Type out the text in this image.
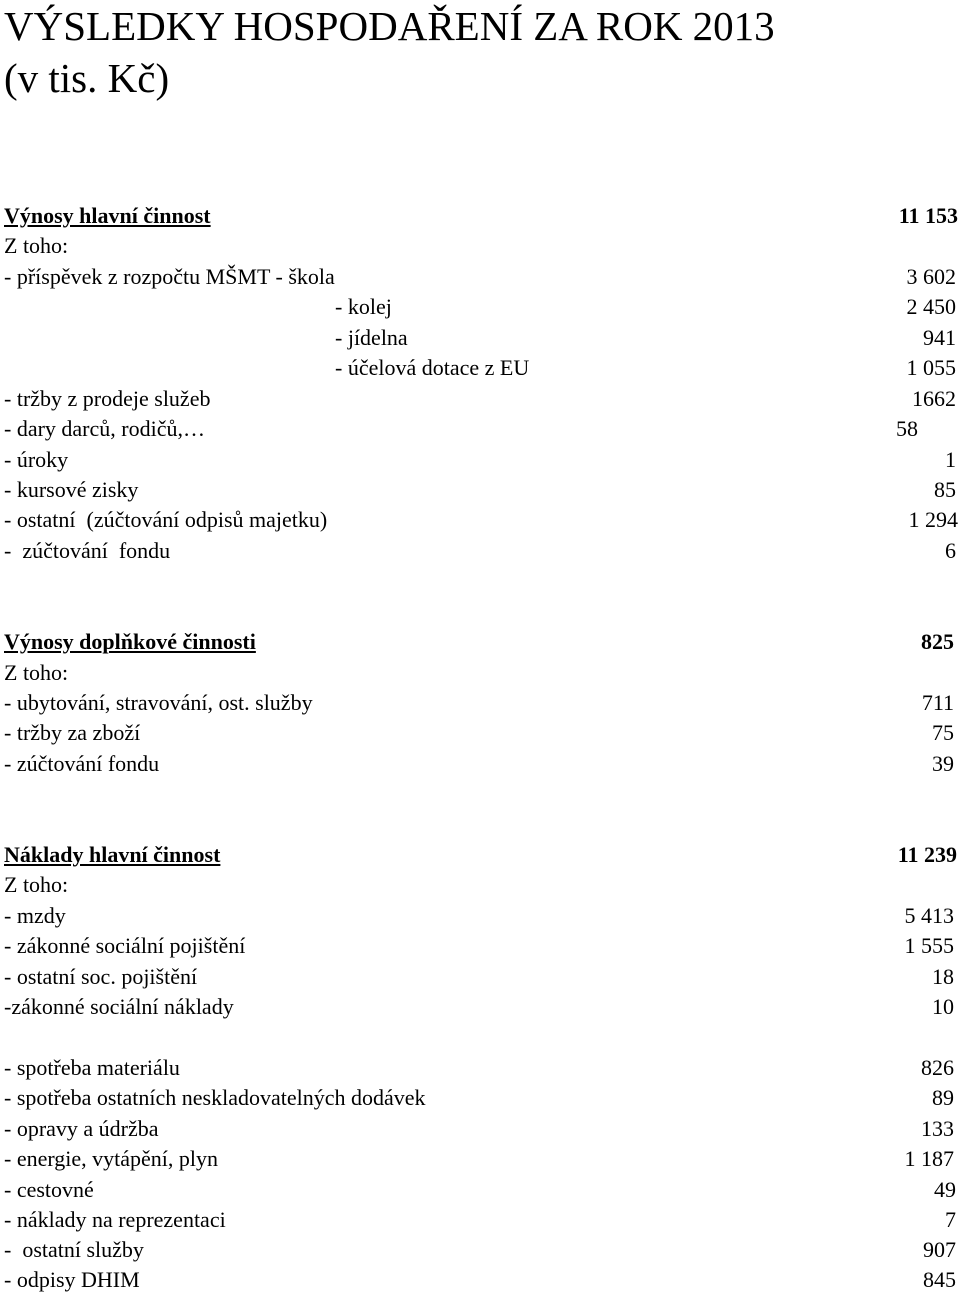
VÝSLEDKY HOSPODAŘENÍ ZA ROK 2013
(v tis. Kč)
Výnosy hlavní činnost	11 153
Z toho:
- příspěvek z rozpočtu MŠMT - škola	3 602
- kolej	2 450
- jídelna	941
- účelová dotace z EU	1 055
- tržby z prodeje služeb	1662
- dary darců, rodičů,…	58
- úroky	1
- kursové zisky	85
- ostatní  (zúčtování odpisů majetku)	1 294
-  zúčtování  fondu	6
Výnosy doplňkové činnosti	825
Z toho:
- ubytování, stravování, ost. služby	711
- tržby za zboží	75
- zúčtování fondu	39
Náklady hlavní činnost	11 239
Z toho:
- mzdy	5 413
- zákonné sociální pojištění	1 555
- ostatní soc. pojištění	18
-zákonné sociální náklady	10
- spotřeba materiálu	826
- spotřeba ostatních neskladovatelných dodávek	89
- opravy a údržba	133
- energie, vytápění, plyn	1 187
- cestovné	49
- náklady na reprezentaci	7
-  ostatní služby	907
- odpisy DHIM	845
